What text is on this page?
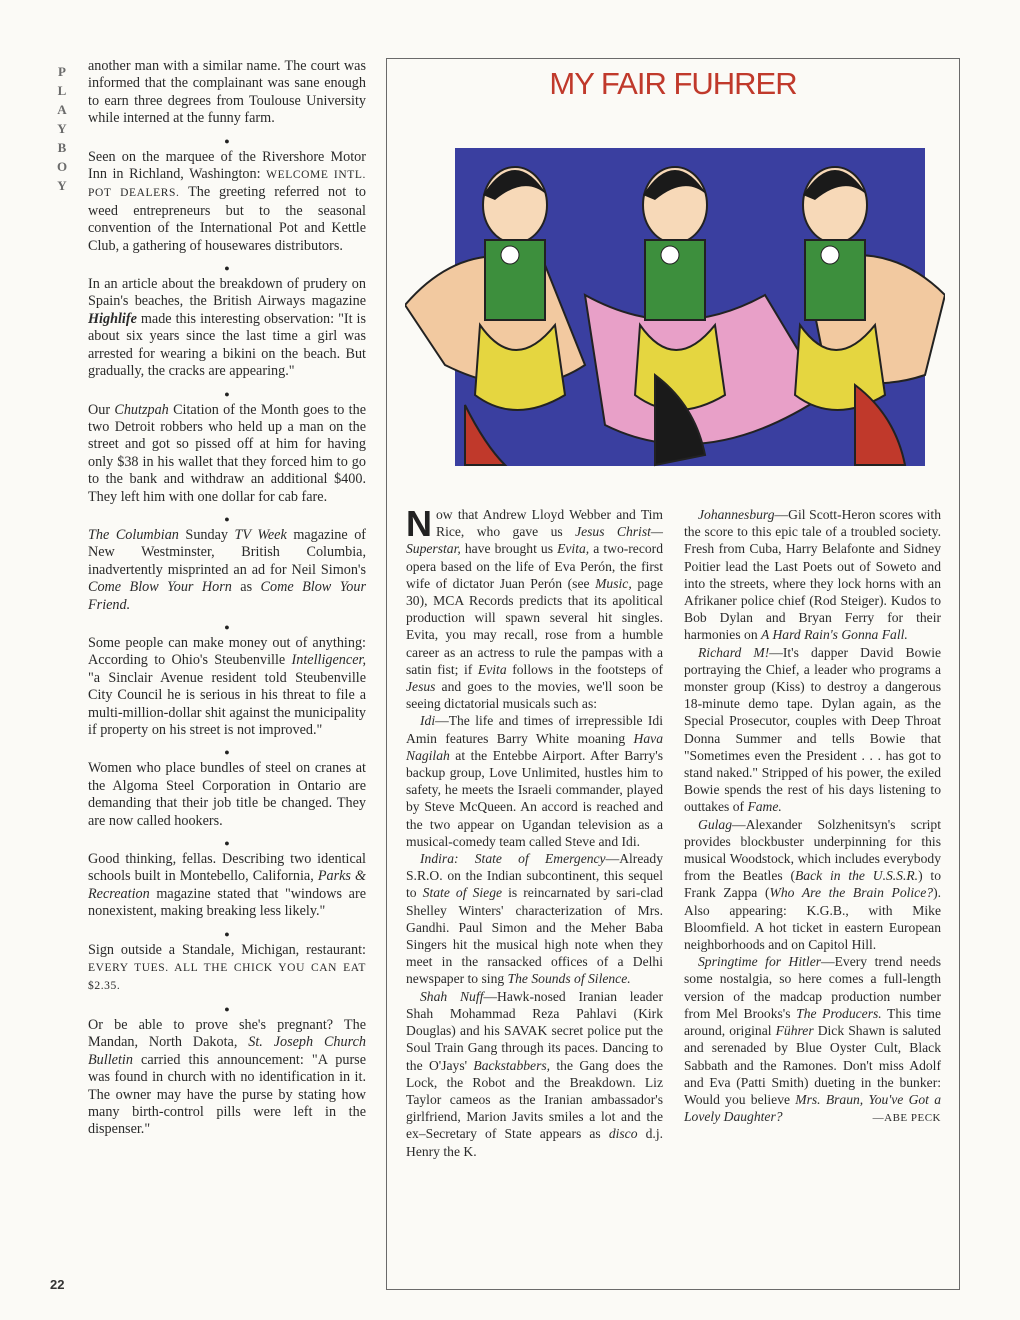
P
L
A
Y
B
O
Y
22

another man with a similar name. The court was informed that the complainant was sane enough to earn three degrees from Toulouse University while interned at the funny farm.

●

Seen on the marquee of the Rivershore Motor Inn in Richland, Washington: WELCOME INTL. POT DEALERS. The greeting referred not to weed entrepreneurs but to the seasonal convention of the International Pot and Kettle Club, a gathering of housewares distributors.

●

In an article about the breakdown of prudery on Spain's beaches, the British Airways magazine Highlife made this interesting observation: "It is about six years since the last time a girl was arrested for wearing a bikini on the beach. But gradually, the cracks are appearing."

●

Our Chutzpah Citation of the Month goes to the two Detroit robbers who held up a man on the street and got so pissed off at him for having only $38 in his wallet that they forced him to go to the bank and withdraw an additional $400. They left him with one dollar for cab fare.

●

The Columbian Sunday TV Week magazine of New Westminster, British Columbia, inadvertently misprinted an ad for Neil Simon's Come Blow Your Horn as Come Blow Your Friend.

●

Some people can make money out of anything: According to Ohio's Steubenville Intelligencer, "a Sinclair Avenue resident told Steubenville City Council he is serious in his threat to file a multi-million-dollar shit against the municipality if property on his street is not improved."

●

Women who place bundles of steel on cranes at the Algoma Steel Corporation in Ontario are demanding that their job title be changed. They are now called hookers.

●

Good thinking, fellas. Describing two identical schools built in Montebello, California, Parks & Recreation magazine stated that "windows are nonexistent, making breaking less likely."

●

Sign outside a Standale, Michigan, restaurant: EVERY TUES. ALL THE CHICK YOU CAN EAT $2.35.

●

Or be able to prove she's pregnant? The Mandan, North Dakota, St. Joseph Church Bulletin carried this announcement: "A purse was found in church with no identification in it. The owner may have the purse by stating how many birth-control pills were left in the dispenser."

MY FAIR FUHRER

Now that Andrew Lloyd Webber and Tim Rice, who gave us Jesus Christ—Superstar, have brought us Evita, a two-record opera based on the life of Eva Perón, the first wife of dictator Juan Perón (see Music, page 30), MCA Records predicts that its apolitical production will spawn several hit singles. Evita, you may recall, rose from a humble career as an actress to rule the pampas with a satin fist; if Evita follows in the footsteps of Jesus and goes to the movies, we'll soon be seeing dictatorial musicals such as:

Idi—The life and times of irrepressible Idi Amin features Barry White moaning Hava Nagilah at the Entebbe Airport. After Barry's backup group, Love Unlimited, hustles him to safety, he meets the Israeli commander, played by Steve McQueen. An accord is reached and the two appear on Ugandan television as a musical-comedy team called Steve and Idi.

Indira: State of Emergency—Already S.R.O. on the Indian subcontinent, this sequel to State of Siege is reincarnated by sari-clad Shelley Winters' characterization of Mrs. Gandhi. Paul Simon and the Meher Baba Singers hit the musical high note when they meet in the ransacked offices of a Delhi newspaper to sing The Sounds of Silence.

Shah Nuff—Hawk-nosed Iranian leader Shah Mohammad Reza Pahlavi (Kirk Douglas) and his SAVAK secret police put the Soul Train Gang through its paces. Dancing to the O'Jays' Backstabbers, the Gang does the Lock, the Robot and the Breakdown. Liz Taylor cameos as the Iranian ambassador's girlfriend, Marion Javits smiles a lot and the ex–Secretary of State appears as disco d.j. Henry the K.

Johannesburg—Gil Scott-Heron scores with the score to this epic tale of a troubled society. Fresh from Cuba, Harry Belafonte and Sidney Poitier lead the Last Poets out of Soweto and into the streets, where they lock horns with an Afrikaner police chief (Rod Steiger). Kudos to Bob Dylan and Bryan Ferry for their harmonies on A Hard Rain's Gonna Fall.

Richard M!—It's dapper David Bowie portraying the Chief, a leader who programs a monster group (Kiss) to destroy a dangerous 18-minute demo tape. Dylan again, as the Special Prosecutor, couples with Deep Throat Donna Summer and tells Bowie that "Sometimes even the President . . . has got to stand naked." Stripped of his power, the exiled Bowie spends the rest of his days listening to outtakes of Fame.

Gulag—Alexander Solzhenitsyn's script provides blockbuster underpinning for this musical Woodstock, which includes everybody from the Beatles (Back in the U.S.S.R.) to Frank Zappa (Who Are the Brain Police?). Also appearing: K.G.B., with Mike Bloomfield. A hot ticket in eastern European neighborhoods and on Capitol Hill.

Springtime for Hitler—Every trend needs some nostalgia, so here comes a full-length version of the madcap production number from Mel Brooks's The Producers. This time around, original Führer Dick Shawn is saluted and serenaded by Blue Oyster Cult, Black Sabbath and the Ramones. Don't miss Adolf and Eva (Patti Smith) dueting in the bunker: Would you believe Mrs. Braun, You've Got a Lovely Daughter?	—ABE PECK
